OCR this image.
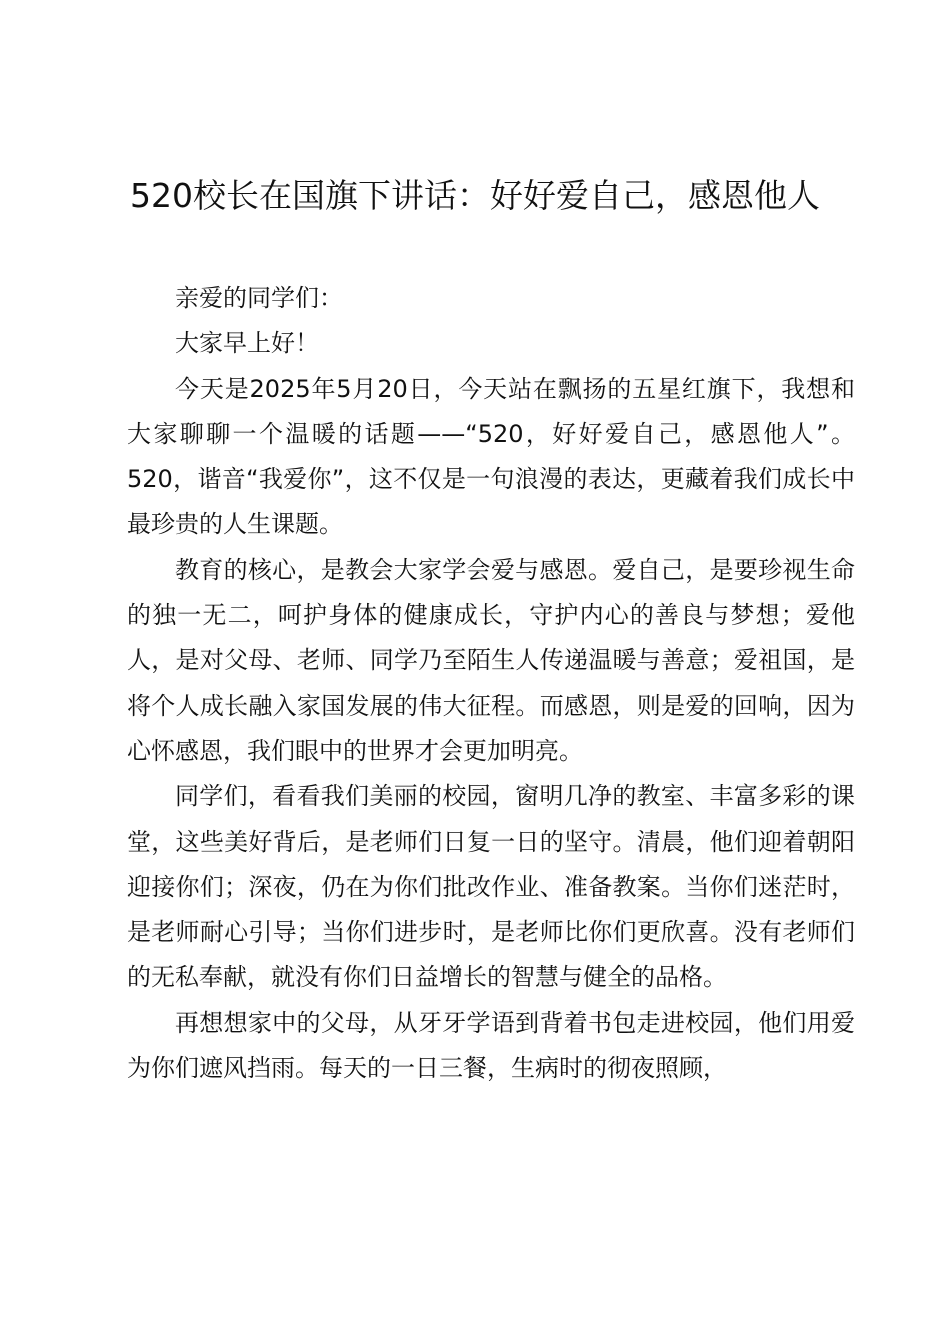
520校长在国旗下讲话：好好爱自己，感恩他人

亲爱的同学们：

大家早上好！

今天是2025年5月20日，今天站在飘扬的五星红旗下，我想和大家聊聊一个温暖的话题——“520，好好爱自己，感恩他人”。520，谐音“我爱你”，这不仅是一句浪漫的表达，更藏着我们成长中最珍贵的人生课题。

教育的核心，是教会大家学会爱与感恩。爱自己，是要珍视生命的独一无二，呵护身体的健康成长，守护内心的善良与梦想；爱他人，是对父母、老师、同学乃至陌生人传递温暖与善意；爱祖国，是将个人成长融入家国发展的伟大征程。而感恩，则是爱的回响，因为心怀感恩，我们眼中的世界才会更加明亮。

同学们，看看我们美丽的校园，窗明几净的教室、丰富多彩的课堂，这些美好背后，是老师们日复一日的坚守。清晨，他们迎着朝阳迎接你们；深夜，仍在为你们批改作业、准备教案。当你们迷茫时，是老师耐心引导；当你们进步时，是老师比你们更欣喜。没有老师们的无私奉献，就没有你们日益增长的智慧与健全的品格。

再想想家中的父母，从牙牙学语到背着书包走进校园，他们用爱为你们遮风挡雨。每天的一日三餐，生病时的彻夜照顾，
